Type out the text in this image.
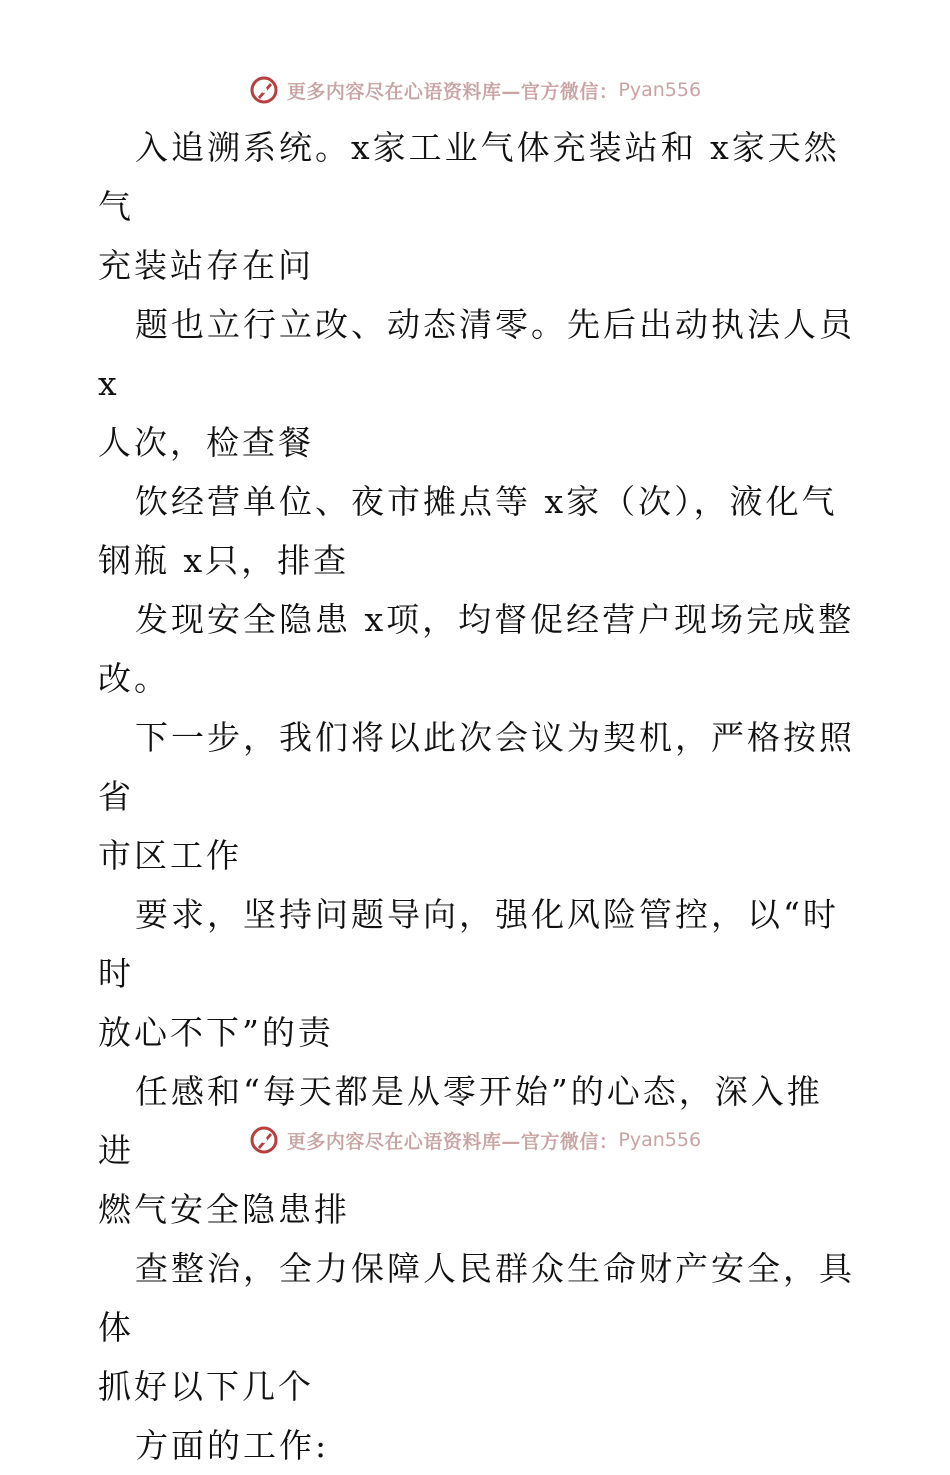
更多内容尽在心语资料库—官方微信： Pyan556

入追溯系统。x家工业气体充装站和 x家天然气
充装站存在问

题也立行立改、动态清零。先后出动执法人员 x
人次，检查餐

饮经营单位、夜市摊点等 x家（次），液化气
钢瓶 x只，排查

发现安全隐患 x项，均督促经营户现场完成整
改。

下一步，我们将以此次会议为契机，严格按照省
市区工作

要求，坚持问题导向，强化风险管控，以“时时
放心不下”的责

任感和“每天都是从零开始”的心态，深入推进
燃气安全隐患排

查整治，全力保障人民群众生命财产安全，具体
抓好以下几个

方面的工作:

更多内容尽在心语资料库—官方微信： Pyan556
